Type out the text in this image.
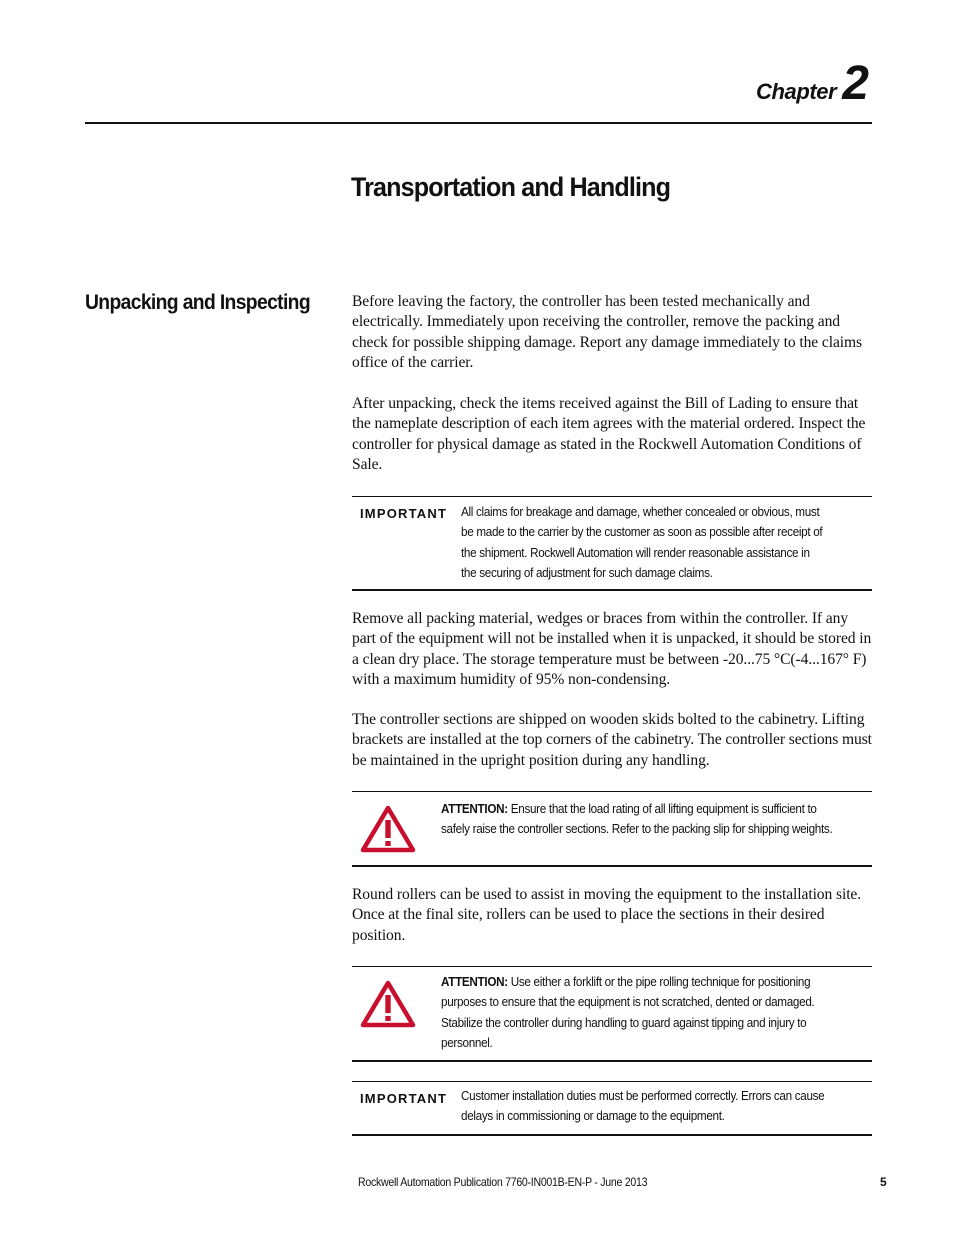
Chapter 2
Transportation and Handling
Unpacking and Inspecting	Before leaving the factory, the controller has been tested mechanically and electrically. Immediately upon receiving the controller, remove the packing and check for possible shipping damage. Report any damage immediately to the claims office of the carrier.

After unpacking, check the items received against the Bill of Lading to ensure that the nameplate description of each item agrees with the material ordered. Inspect the controller for physical damage as stated in the Rockwell Automation Conditions of Sale.

IMPORTANT All claims for breakage and damage, whether concealed or obvious, must be made to the carrier by the customer as soon as possible after receipt of the shipment. Rockwell Automation will render reasonable assistance in the securing of adjustment for such damage claims.

Remove all packing material, wedges or braces from within the controller. If any part of the equipment will not be installed when it is unpacked, it should be stored in a clean dry place. The storage temperature must be between -20...75 °C(-4...167° F) with a maximum humidity of 95% non-condensing.

The controller sections are shipped on wooden skids bolted to the cabinetry. Lifting brackets are installed at the top corners of the cabinetry. The controller sections must be maintained in the upright position during any handling.

ATTENTION: Ensure that the load rating of all lifting equipment is sufficient to safely raise the controller sections. Refer to the packing slip for shipping weights.

Round rollers can be used to assist in moving the equipment to the installation site. Once at the final site, rollers can be used to place the sections in their desired position.

ATTENTION: Use either a forklift or the pipe rolling technique for positioning purposes to ensure that the equipment is not scratched, dented or damaged. Stabilize the controller during handling to guard against tipping and injury to personnel.
IMPORTANT Customer installation duties must be performed correctly. Errors can cause delays in commissioning or damage to the equipment.
Rockwell Automation Publication 7760-IN001B-EN-P - June 2013	5
